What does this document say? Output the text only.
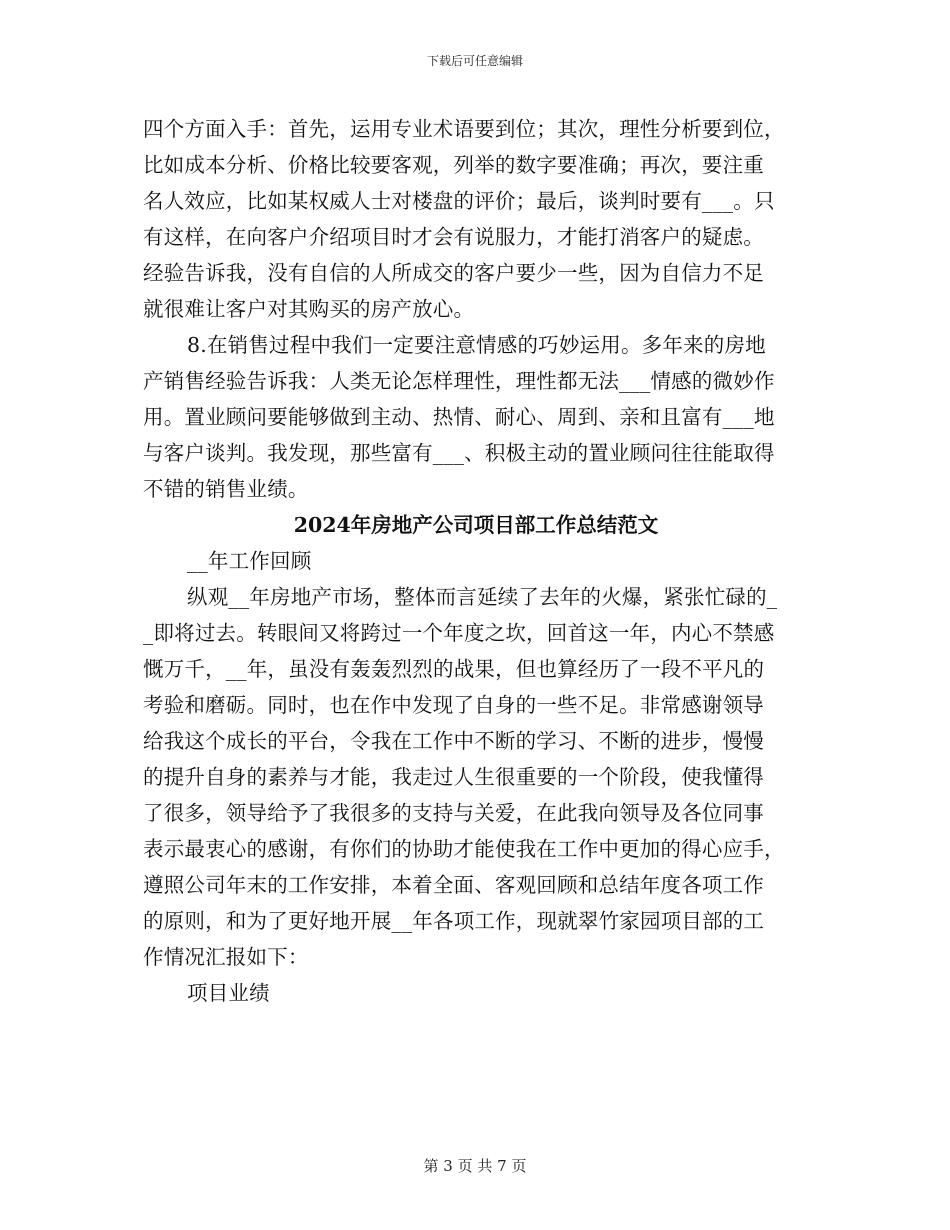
下载后可任意编辑
四个方面入手：首先，运用专业术语要到位；其次，理性分析要到位，
比如成本分析、价格比较要客观，列举的数字要准确；再次，要注重
名人效应，比如某权威人士对楼盘的评价；最后，谈判时要有___。只
有这样，在向客户介绍项目时才会有说服力，才能打消客户的疑虑。
经验告诉我，没有自信的人所成交的客户要少一些，因为自信力不足
就很难让客户对其购买的房产放心。
8.在销售过程中我们一定要注意情感的巧妙运用。多年来的房地
产销售经验告诉我：人类无论怎样理性，理性都无法___情感的微妙作
用。置业顾问要能够做到主动、热情、耐心、周到、亲和且富有___地
与客户谈判。我发现，那些富有___、积极主动的置业顾问往往能取得
不错的销售业绩。
2024年房地产公司项目部工作总结范文
__年工作回顾
纵观__年房地产市场，整体而言延续了去年的火爆，紧张忙碌的_
_即将过去。转眼间又将跨过一个年度之坎，回首这一年，内心不禁感
慨万千，__年，虽没有轰轰烈烈的战果，但也算经历了一段不平凡的
考验和磨砺。同时，也在作中发现了自身的一些不足。非常感谢领导
给我这个成长的平台，令我在工作中不断的学习、不断的进步，慢慢
的提升自身的素养与才能，我走过人生很重要的一个阶段，使我懂得
了很多，领导给予了我很多的支持与关爱，在此我向领导及各位同事
表示最衷心的感谢，有你们的协助才能使我在工作中更加的得心应手，
遵照公司年末的工作安排，本着全面、客观回顾和总结年度各项工作
的原则，和为了更好地开展__年各项工作，现就翠竹家园项目部的工
作情况汇报如下：
项目业绩
第 3 页 共 7 页
